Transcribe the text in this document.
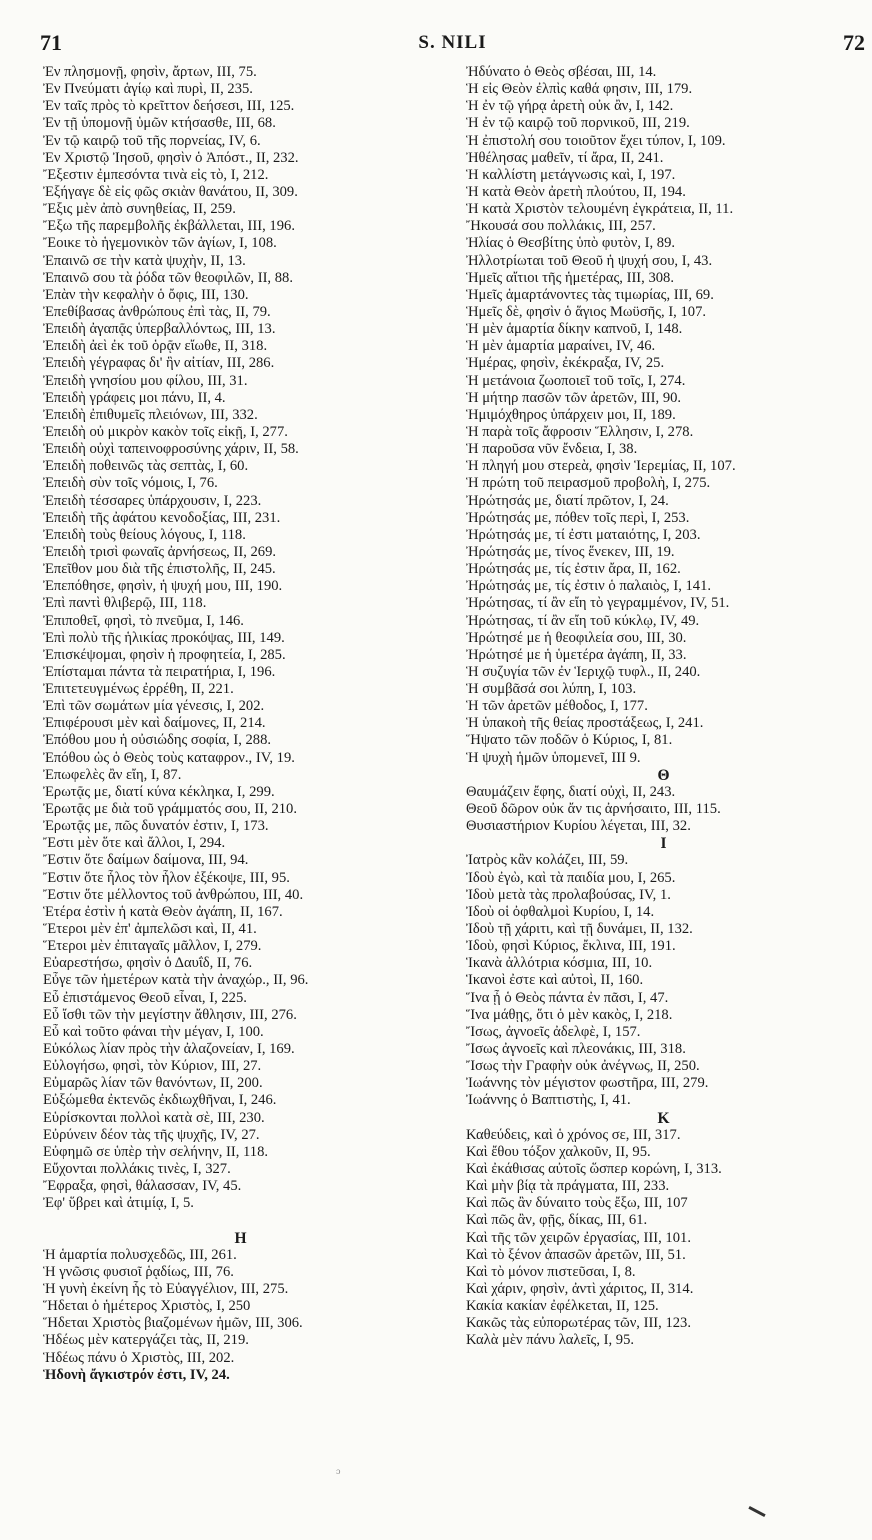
71	S. NILI	72
Ἐν πλησμονῇ, φησὶν, ἄρτων, III, 75.
Ἐν Πνεύματι ἁγίῳ καὶ πυρὶ, II, 235.
Ἐν ταῖς πρὸς τὸ κρεῖττον δεήσεσι, III, 125.
Ἐν τῇ ὑπομονῇ ὑμῶν κτήσασθε, III, 68.
Ἐν τῷ καιρῷ τοῦ τῆς πορνείας, IV, 6.
Ἐν Χριστῷ Ἰησοῦ, φησὶν ὁ Ἀπόστ., II, 232.
Ἔξεστιν ἐμπεσόντα τινὰ εἰς τὸ, I, 212.
Ἐξήγαγε δὲ εἰς φῶς σκιὰν θανάτου, II, 309.
Ἔξις μὲν ἀπὸ συνηθείας, II, 259.
Ἔξω τῆς παρεμβολῆς ἐκβάλλεται, III, 196.
Ἔοικε τὸ ἡγεμονικὸν τῶν ἁγίων, I, 108.
Ἐπαινῶ σε τὴν κατὰ ψυχὴν, II, 13.
Ἐπαινῶ σου τὰ ῥόδα τῶν θεοφιλῶν, II, 88.
Ἐπὰν τὴν κεφαλὴν ὁ ὄφις, III, 130.
Ἐπεθίβασας ἀνθρώπους ἐπὶ τὰς, II, 79.
Ἐπειδὴ ἀγαπᾷς ὑπερβαλλόντως, III, 13.
Ἐπειδὴ ἀεὶ ἐκ τοῦ ὁρᾷν εἴωθε, II, 318.
Ἐπειδὴ γέγραφας δι' ἣν αἰτίαν, III, 286.
Ἐπειδὴ γνησίου μου φίλου, III, 31.
Ἐπειδὴ γράφεις μοι πάνυ, II, 4.
Ἐπειδὴ ἐπιθυμεῖς πλειόνων, III, 332.
Ἐπειδὴ οὐ μικρὸν κακὸν τοῖς εἰκῇ, I, 277.
Ἐπειδὴ οὐχὶ ταπεινοφροσύνης χάριν, II, 58.
Ἐπειδὴ ποθεινῶς τὰς σεπτὰς, I, 60.
Ἐπειδὴ σὺν τοῖς νόμοις, I, 76.
Ἐπειδὴ τέσσαρες ὑπάρχουσιν, I, 223.
Ἐπειδὴ τῆς ἀφάτου κενοδοξίας, III, 231.
Ἐπειδὴ τοὺς θείους λόγους, I, 118.
Ἐπειδὴ τρισὶ φωναῖς ἀρνήσεως, II, 269.
Ἐπεῖθον μου διὰ τῆς ἐπιστολῆς, II, 245.
Ἐπεπόθησε, φησὶν, ἡ ψυχή μου, III, 190.
Ἐπὶ παντὶ θλιβερῷ, III, 118.
Ἐπιποθεῖ, φησὶ, τὸ πνεῦμα, I, 146.
Ἐπὶ πολὺ τῆς ἡλικίας προκόψας, III, 149.
Ἐπισκέψομαι, φησὶν ἡ προφητεία, I, 285.
Ἐπίσταμαι πάντα τὰ πειρατήρια, I, 196.
Ἐπιτετευγμένως ἐρρέθη, II, 221.
Ἐπὶ τῶν σωμάτων μία γένεσις, I, 202.
Ἐπιφέρουσι μὲν καὶ δαίμονες, II, 214.
Ἐπόθου μου ἡ οὐσιώδης σοφία, I, 288.
Ἐπόθου ὡς ὁ Θεὸς τοὺς καταφρον., IV, 19.
Ἐπωφελὲς ἂν εἴη, I, 87.
Ἐρωτᾷς με, διατί κύνα κέκληκα, I, 299.
Ἐρωτᾷς με διὰ τοῦ γράμματός σου, II, 210.
Ἐρωτᾷς με, πῶς δυνατόν ἐστιν, I, 173.
Ἔστι μὲν ὅτε καὶ ἄλλοι, I, 294.
Ἔστιν ὅτε δαίμων δαίμονα, III, 94.
Ἔστιν ὅτε ἧλος τὸν ἧλον ἐξέκοψε, III, 95.
Ἔστιν ὅτε μέλλοντος τοῦ ἀνθρώπου, III, 40.
Ἑτέρα ἐστὶν ἡ κατὰ Θεὸν ἀγάπη, II, 167.
Ἕτεροι μὲν ἐπ' ἀμπελῶσι καὶ, II, 41.
Ἕτεροι μὲν ἐπιταγαῖς μᾶλλον, I, 279.
Εὐαρεστήσω, φησὶν ὁ Δαυΐδ, II, 76.
Εὖγε τῶν ἡμετέρων κατὰ τὴν ἀναχώρ., II, 96.
Εὖ ἐπιστάμενος Θεοῦ εἶναι, I, 225.
Εὖ ἴσθι τῶν τὴν μεγίστην ἄθλησιν, III, 276.
Εὖ καὶ τοῦτο φάναι τὴν μέγαν, I, 100.
Εὐκόλως λίαν πρὸς τὴν ἀλαζονείαν, I, 169.
Εὐλογήσω, φησὶ, τὸν Κύριον, III, 27.
Εὐμαρῶς λίαν τῶν θανόντων, II, 200.
Εὐξώμεθα ἐκτενῶς ἐκδιωχθῆναι, I, 246.
Εὑρίσκονται πολλοὶ κατὰ σὲ, III, 230.
Εὐρύνειν δέον τὰς τῆς ψυχῆς, IV, 27.
Εὐφημῶ σε ὑπὲρ τὴν σελήνην, II, 118.
Εὔχονται πολλάκις τινὲς, I, 327.
Ἔφραξα, φησὶ, θάλασσαν, IV, 45.
Ἐφ' ὕβρει καὶ ἀτιμίᾳ, I, 5.
Η
Ἡ ἁμαρτία πολυσχεδῶς, III, 261.
Ἡ γνῶσις φυσιοῖ ῥᾳδίως, III, 76.
Ἡ γυνὴ ἐκείνη ἧς τὸ Εὐαγγέλιον, III, 275.
Ἥδεται ὁ ἡμέτερος Χριστὸς, I, 250
Ἥδεται Χριστὸς βιαζομένων ἡμῶν, III, 306.
Ἡδέως μὲν κατεργάζει τὰς, II, 219.
Ἡδέως πάνυ ὁ Χριστὸς, III, 202.
Ἡδονὴ ἄγκιστρόν ἐστι, IV, 24.
Ἠδύνατο ὁ Θεὸς σβέσαι, III, 14.
Ἡ εἰς Θεὸν ἐλπὶς καθά φησιν, III, 179.
Ἡ ἐν τῷ γήρᾳ ἀρετὴ οὐκ ἂν, I, 142.
Ἡ ἐν τῷ καιρῷ τοῦ πορνικοῦ, III, 219.
Ἡ ἐπιστολή σου τοιοῦτον ἔχει τύπον, I, 109.
Ἠθέλησας μαθεῖν, τί ἄρα, II, 241.
Ἡ καλλίστη μετάγνωσις καὶ, I, 197.
Ἡ κατὰ Θεὸν ἀρετὴ πλούτου, II, 194.
Ἡ κατὰ Χριστὸν τελουμένη ἐγκράτεια, II, 11.
Ἤκουσά σου πολλάκις, III, 257.
Ἠλίας ὁ Θεσβίτης ὑπὸ φυτὸν, I, 89.
Ἠλλοτρίωται τοῦ Θεοῦ ἡ ψυχή σου, I, 43.
Ἡμεῖς αἴτιοι τῆς ἡμετέρας, III, 308.
Ἡμεῖς ἁμαρτάνοντες τὰς τιμωρίας, III, 69.
Ἡμεῖς δὲ, φησὶν ὁ ἅγιος Μωϋσῆς, I, 107.
Ἡ μὲν ἁμαρτία δίκην καπνοῦ, I, 148.
Ἡ μὲν ἁμαρτία μαραίνει, IV, 46.
Ἡμέρας, φησὶν, ἐκέκραξα, IV, 25.
Ἡ μετάνοια ζωοποιεῖ τοῦ τοῖς, I, 274.
Ἡ μήτηρ πασῶν τῶν ἀρετῶν, III, 90.
Ἡμιμόχθηρος ὑπάρχειν μοι, II, 189.
Ἡ παρὰ τοῖς ἄφροσιν Ἕλλησιν, I, 278.
Ἡ παροῦσα νῦν ἔνδεια, I, 38.
Ἡ πληγή μου στερεὰ, φησὶν Ἱερεμίας, II, 107.
Ἡ πρώτη τοῦ πειρασμοῦ προβολὴ, I, 275.
Ἠρώτησάς με, διατί πρῶτον, I, 24.
Ἠρώτησάς με, πόθεν τοῖς περὶ, I, 253.
Ἠρώτησάς με, τί ἐστι ματαιότης, I, 203.
Ἠρώτησάς με, τίνος ἕνεκεν, III, 19.
Ἠρώτησάς με, τίς ἐστιν ἄρα, II, 162.
Ἠρώτησάς με, τίς ἐστιν ὁ παλαιὸς, I, 141.
Ἠρώτησας, τί ἂν εἴη τὸ γεγραμμένον, IV, 51.
Ἠρώτησας, τί ἂν εἴη τοῦ κύκλῳ, IV, 49.
Ἠρώτησέ με ἡ θεοφιλεία σου, III, 30.
Ἠρώτησέ με ἡ ὑμετέρα ἀγάπη, II, 33.
Ἡ συζυγία τῶν ἐν Ἱεριχῷ τυφλ., II, 240.
Ἡ συμβᾶσά σοι λύπη, I, 103.
Ἡ τῶν ἀρετῶν μέθοδος, I, 177.
Ἡ ὑπακοὴ τῆς θείας προστάξεως, I, 241.
Ἥψατο τῶν ποδῶν ὁ Κύριος, I, 81.
Ἡ ψυχὴ ἡμῶν ὑπομενεῖ, III 9.
Θ
Θαυμάζειν ἔφης, διατί οὐχὶ, II, 243.
Θεοῦ δῶρον οὐκ ἄν τις ἀρνήσαιτο, III, 115.
Θυσιαστήριον Κυρίου λέγεται, III, 32.
Ι
Ἰατρὸς κἂν κολάζει, III, 59.
Ἰδοὺ ἐγὼ, καὶ τὰ παιδία μου, I, 265.
Ἰδοὺ μετὰ τὰς προλαβούσας, IV, 1.
Ἰδοὺ οἱ ὀφθαλμοὶ Κυρίου, I, 14.
Ἰδοὺ τῇ χάριτι, καὶ τῇ δυνάμει, II, 132.
Ἰδοὺ, φησὶ Κύριος, ἔκλινα, III, 191.
Ἱκανὰ ἀλλότρια κόσμια, III, 10.
Ἱκανοὶ ἐστε καὶ αὐτοὶ, II, 160.
Ἵνα ᾖ ὁ Θεὸς πάντα ἐν πᾶσι, I, 47.
Ἵνα μάθῃς, ὅτι ὁ μὲν κακὸς, I, 218.
Ἴσως, ἀγνοεῖς ἀδελφὲ, I, 157.
Ἴσως ἀγνοεῖς καὶ πλεονάκις, III, 318.
Ἴσως τὴν Γραφὴν οὐκ ἀνέγνως, II, 250.
Ἰωάννης τὸν μέγιστον φωστῆρα, III, 279.
Ἰωάννης ὁ Βαπτιστὴς, I, 41.
Κ
Καθεύδεις, καὶ ὁ χρόνος σε, III, 317.
Καὶ ἔθου τόξον χαλκοῦν, II, 95.
Καὶ ἐκάθισας αὐτοῖς ὥσπερ κορώνη, I, 313.
Καὶ μὴν βίᾳ τὰ πράγματα, III, 233.
Καὶ πῶς ἂν δύναιτο τοὺς ἔξω, III, 107
Καὶ πῶς ἂν, φῇς, δίκας, III, 61.
Καὶ τῆς τῶν χειρῶν ἐργασίας, III, 101.
Καὶ τὸ ξένον ἁπασῶν ἀρετῶν, III, 51.
Καὶ τὸ μόνον πιστεῦσαι, I, 8.
Καὶ χάριν, φησὶν, ἀντὶ χάριτος, II, 314.
Κακία κακίαν ἐφέλκεται, II, 125.
Κακῶς τὰς εὐπορωτέρας τῶν, III, 123.
Καλὰ μὲν πάνυ λαλεῖς, I, 95.
ɔ
